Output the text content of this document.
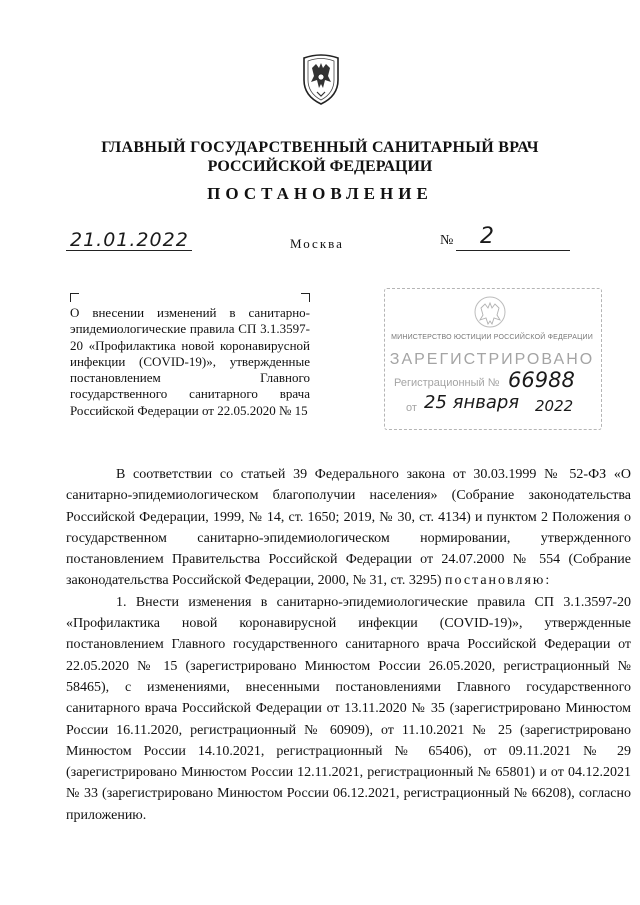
ГЛАВНЫЙ ГОСУДАРСТВЕННЫЙ САНИТАРНЫЙ ВРАЧ
РОССИЙСКОЙ ФЕДЕРАЦИИ
ПОСТАНОВЛЕНИЕ
21.01.2022	Москва	№ 2
О внесении изменений в санитарно-эпидемиологические правила СП 3.1.3597-20 «Профилактика новой коронавирусной инфекции (COVID-19)», утвержденные постановлением Главного государственного санитарного врача Российской Федерации от 22.05.2020 № 15
МИНИСТЕРСТВО ЮСТИЦИИ РОССИЙСКОЙ ФЕДЕРАЦИИ
ЗАРЕГИСТРИРОВАНО
Регистрационный № 66988
от 25 января 2022

В соответствии со статьей 39 Федерального закона от 30.03.1999 № 52-ФЗ «О санитарно-эпидемиологическом благополучии населения» (Собрание законодательства Российской Федерации, 1999, № 14, ст. 1650; 2019, № 30, ст. 4134) и пунктом 2 Положения о государственном санитарно-эпидемиологическом нормировании, утвержденного постановлением Правительства Российской Федерации от 24.07.2000 № 554 (Собрание законодательства Российской Федерации, 2000, № 31, ст. 3295) постановляю:

1. Внести изменения в санитарно-эпидемиологические правила СП 3.1.3597-20 «Профилактика новой коронавирусной инфекции (COVID-19)», утвержденные постановлением Главного государственного санитарного врача Российской Федерации от 22.05.2020 № 15 (зарегистрировано Минюстом России 26.05.2020, регистрационный № 58465), с изменениями, внесенными постановлениями Главного государственного санитарного врача Российской Федерации от 13.11.2020 № 35 (зарегистрировано Минюстом России 16.11.2020, регистрационный № 60909), от 11.10.2021 № 25 (зарегистрировано Минюстом России 14.10.2021, регистрационный № 65406), от 09.11.2021 № 29 (зарегистрировано Минюстом России 12.11.2021, регистрационный № 65801) и от 04.12.2021 № 33 (зарегистрировано Минюстом России 06.12.2021, регистрационный № 66208), согласно приложению.
